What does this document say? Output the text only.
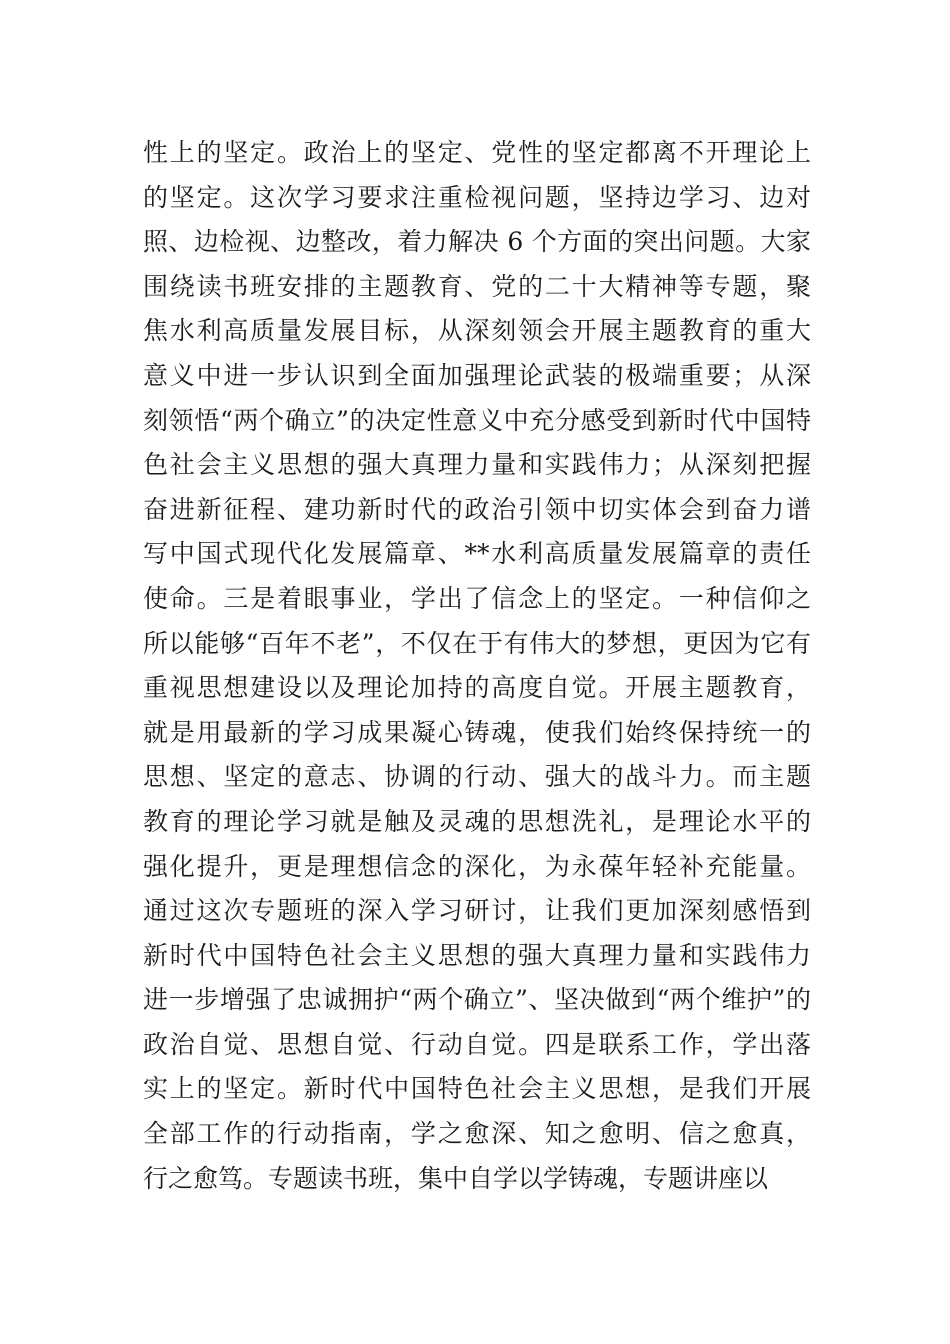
性上的坚定。政治上的坚定、党性的坚定都离不开理论上
的坚定。这次学习要求注重检视问题，坚持边学习、边对
照、边检视、边整改，着力解决 6 个方面的突出问题。大家
围绕读书班安排的主题教育、党的二十大精神等专题，聚
焦水利高质量发展目标，从深刻领会开展主题教育的重大
意义中进一步认识到全面加强理论武装的极端重要；从深
刻领悟“两个确立”的决定性意义中充分感受到新时代中国特
色社会主义思想的强大真理力量和实践伟力；从深刻把握
奋进新征程、建功新时代的政治引领中切实体会到奋力谱
写中国式现代化发展篇章、**水利高质量发展篇章的责任
使命。三是着眼事业，学出了信念上的坚定。一种信仰之
所以能够“百年不老”，不仅在于有伟大的梦想，更因为它有
重视思想建设以及理论加持的高度自觉。开展主题教育，
就是用最新的学习成果凝心铸魂，使我们始终保持统一的
思想、坚定的意志、协调的行动、强大的战斗力。而主题
教育的理论学习就是触及灵魂的思想洗礼，是理论水平的
强化提升，更是理想信念的深化，为永葆年轻补充能量。
通过这次专题班的深入学习研讨，让我们更加深刻感悟到
新时代中国特色社会主义思想的强大真理力量和实践伟力
进一步增强了忠诚拥护“两个确立”、坚决做到“两个维护”的
政治自觉、思想自觉、行动自觉。四是联系工作，学出落
实上的坚定。新时代中国特色社会主义思想，是我们开展
全部工作的行动指南，学之愈深、知之愈明、信之愈真，
行之愈笃。专题读书班，集中自学以学铸魂，专题讲座以
